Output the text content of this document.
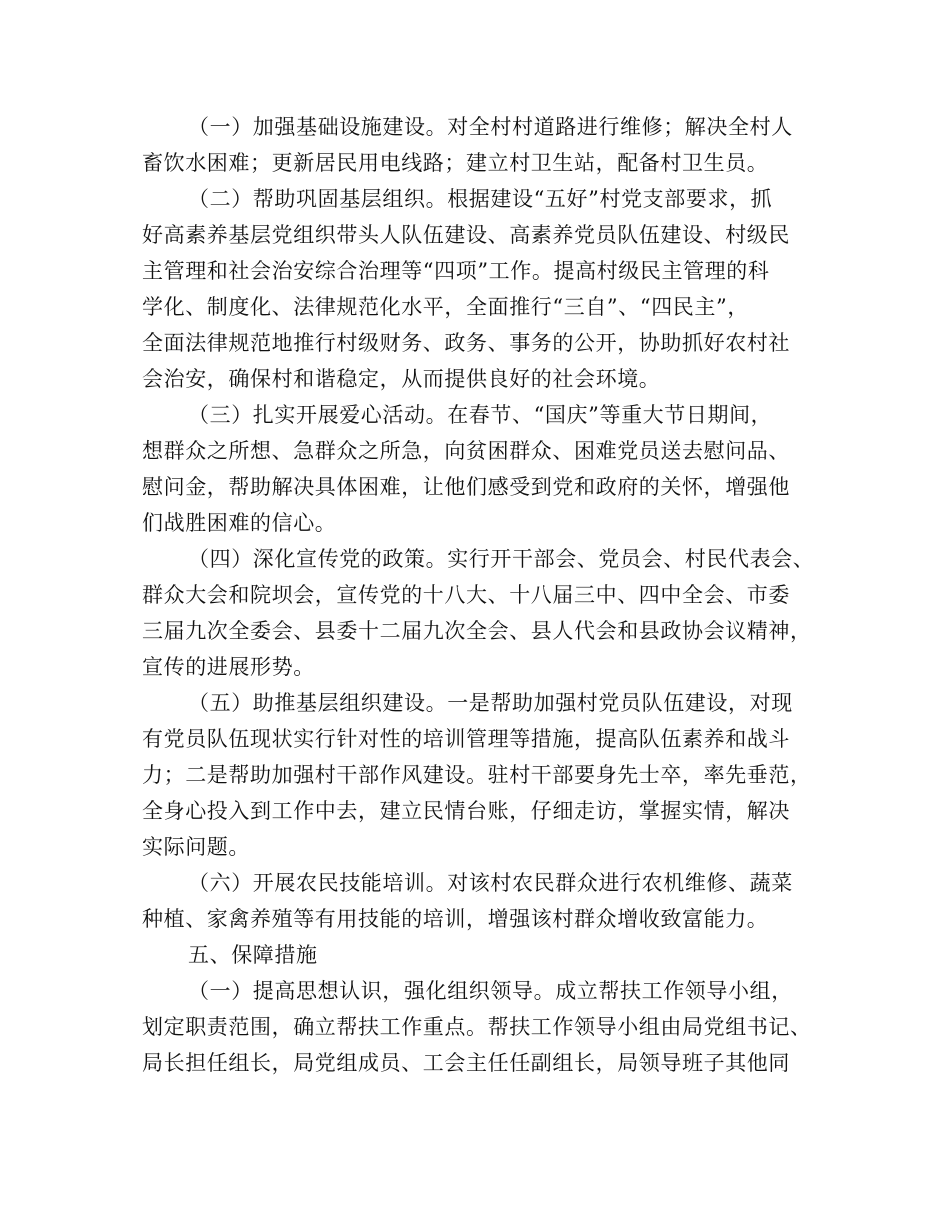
（一）加强基础设施建设。对全村村道路进行维修；解决全村人
畜饮水困难；更新居民用电线路；建立村卫生站，配备村卫生员。
（二）帮助巩固基层组织。根据建设“五好”村党支部要求，抓
好高素养基层党组织带头人队伍建设、高素养党员队伍建设、村级民
主管理和社会治安综合治理等“四项”工作。提高村级民主管理的科
学化、制度化、法律规范化水平，全面推行“三自”、“四民主”，
全面法律规范地推行村级财务、政务、事务的公开，协助抓好农村社
会治安，确保村和谐稳定，从而提供良好的社会环境。
（三）扎实开展爱心活动。在春节、“国庆”等重大节日期间，
想群众之所想、急群众之所急，向贫困群众、困难党员送去慰问品、
慰问金，帮助解决具体困难，让他们感受到党和政府的关怀，增强他
们战胜困难的信心。
（四）深化宣传党的政策。实行开干部会、党员会、村民代表会、
群众大会和院坝会，宣传党的十八大、十八届三中、四中全会、市委
三届九次全委会、县委十二届九次全会、县人代会和县政协会议精神，
宣传的进展形势。
（五）助推基层组织建设。一是帮助加强村党员队伍建设，对现
有党员队伍现状实行针对性的培训管理等措施，提高队伍素养和战斗
力；二是帮助加强村干部作风建设。驻村干部要身先士卒，率先垂范，
全身心投入到工作中去，建立民情台账，仔细走访，掌握实情，解决
实际问题。
（六）开展农民技能培训。对该村农民群众进行农机维修、蔬菜
种植、家禽养殖等有用技能的培训，增强该村群众增收致富能力。
五、保障措施
（一）提高思想认识，强化组织领导。成立帮扶工作领导小组，
划定职责范围，确立帮扶工作重点。帮扶工作领导小组由局党组书记、
局长担任组长，局党组成员、工会主任任副组长，局领导班子其他同
